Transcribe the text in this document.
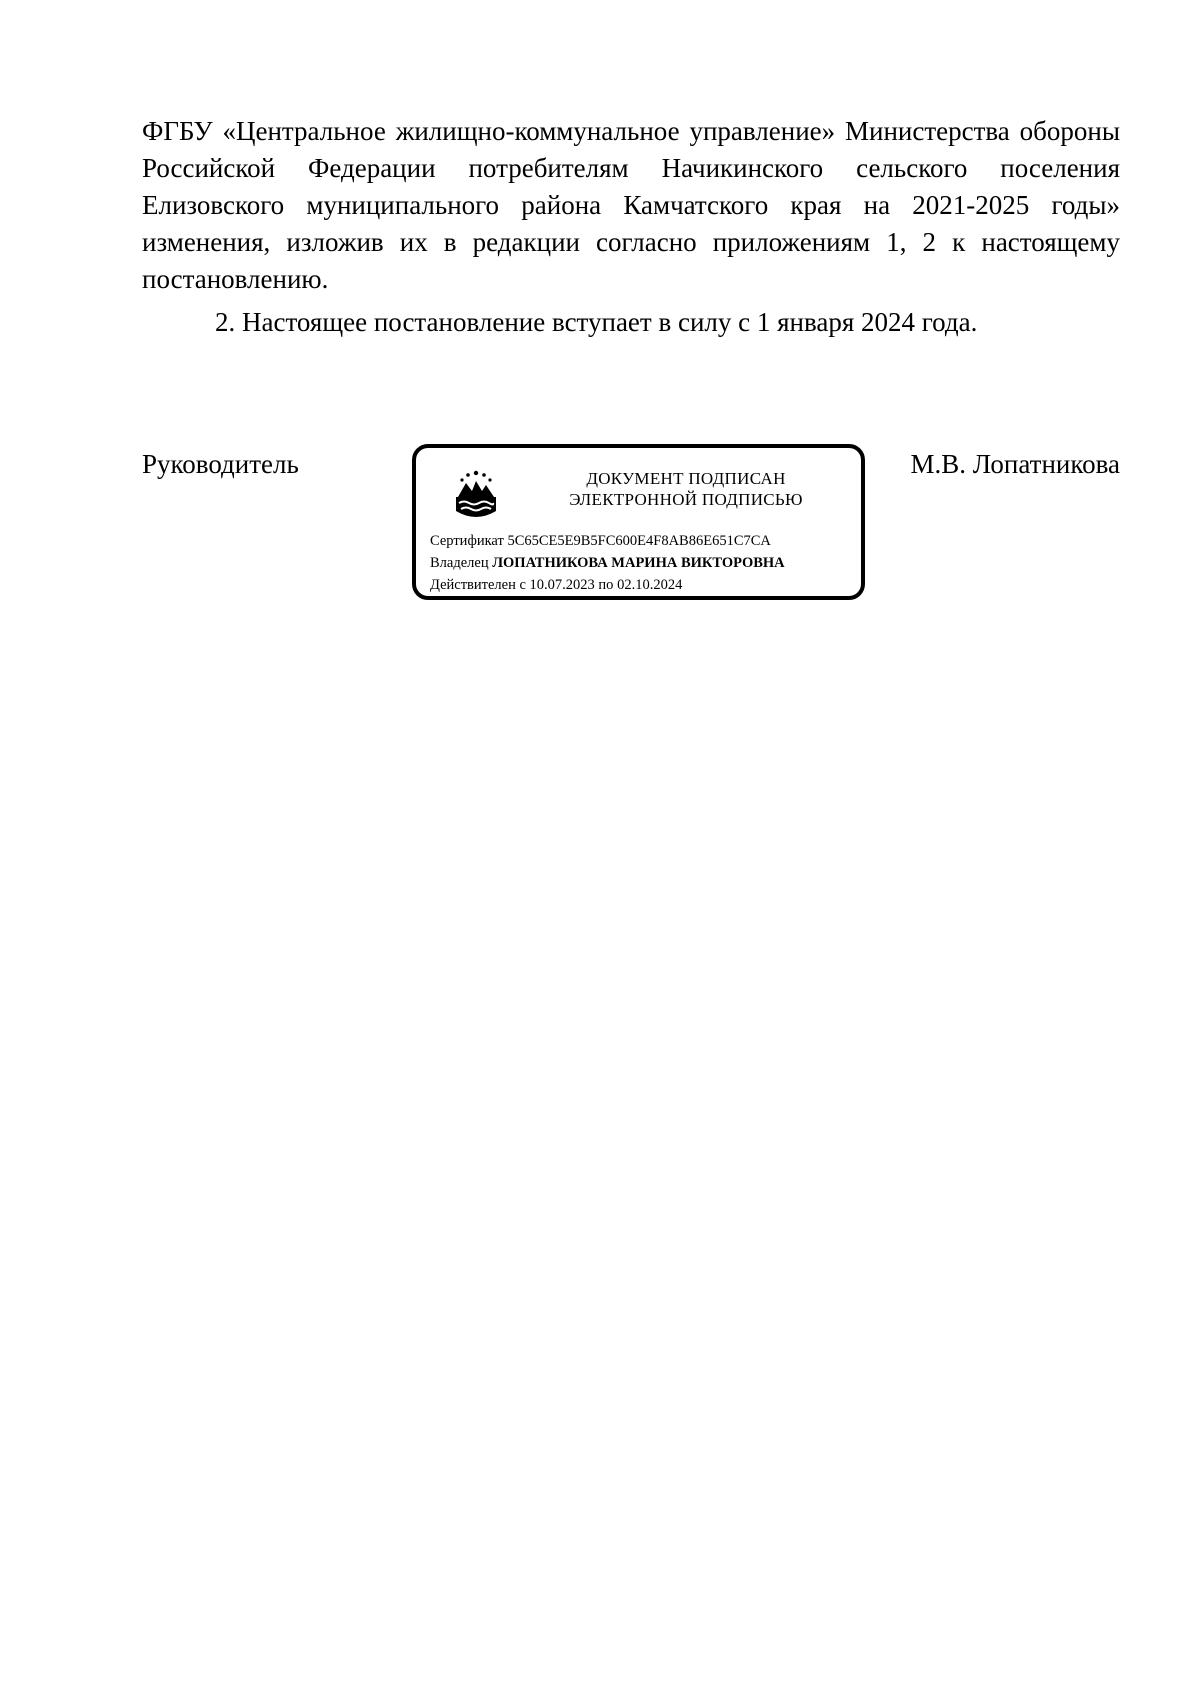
ФГБУ «Центральное жилищно-коммунальное управление» Министерства обороны Российской Федерации потребителям Начикинского сельского поселения Елизовского муниципального района Камчатского края на 2021-2025 годы» изменения, изложив их в редакции согласно приложениям 1, 2 к настоящему постановлению.

2. Настоящее постановление вступает в силу с 1 января 2024 года.

Руководитель	М.В. Лопатникова
ДОКУМЕНТ ПОДПИСАН
ЭЛЕКТРОННОЙ ПОДПИСЬЮ
Сертификат 5C65CE5E9B5FC600E4F8AB86E651C7CA
Владелец ЛОПАТНИКОВА МАРИНА ВИКТОРОВНА
Действителен с 10.07.2023 по 02.10.2024
